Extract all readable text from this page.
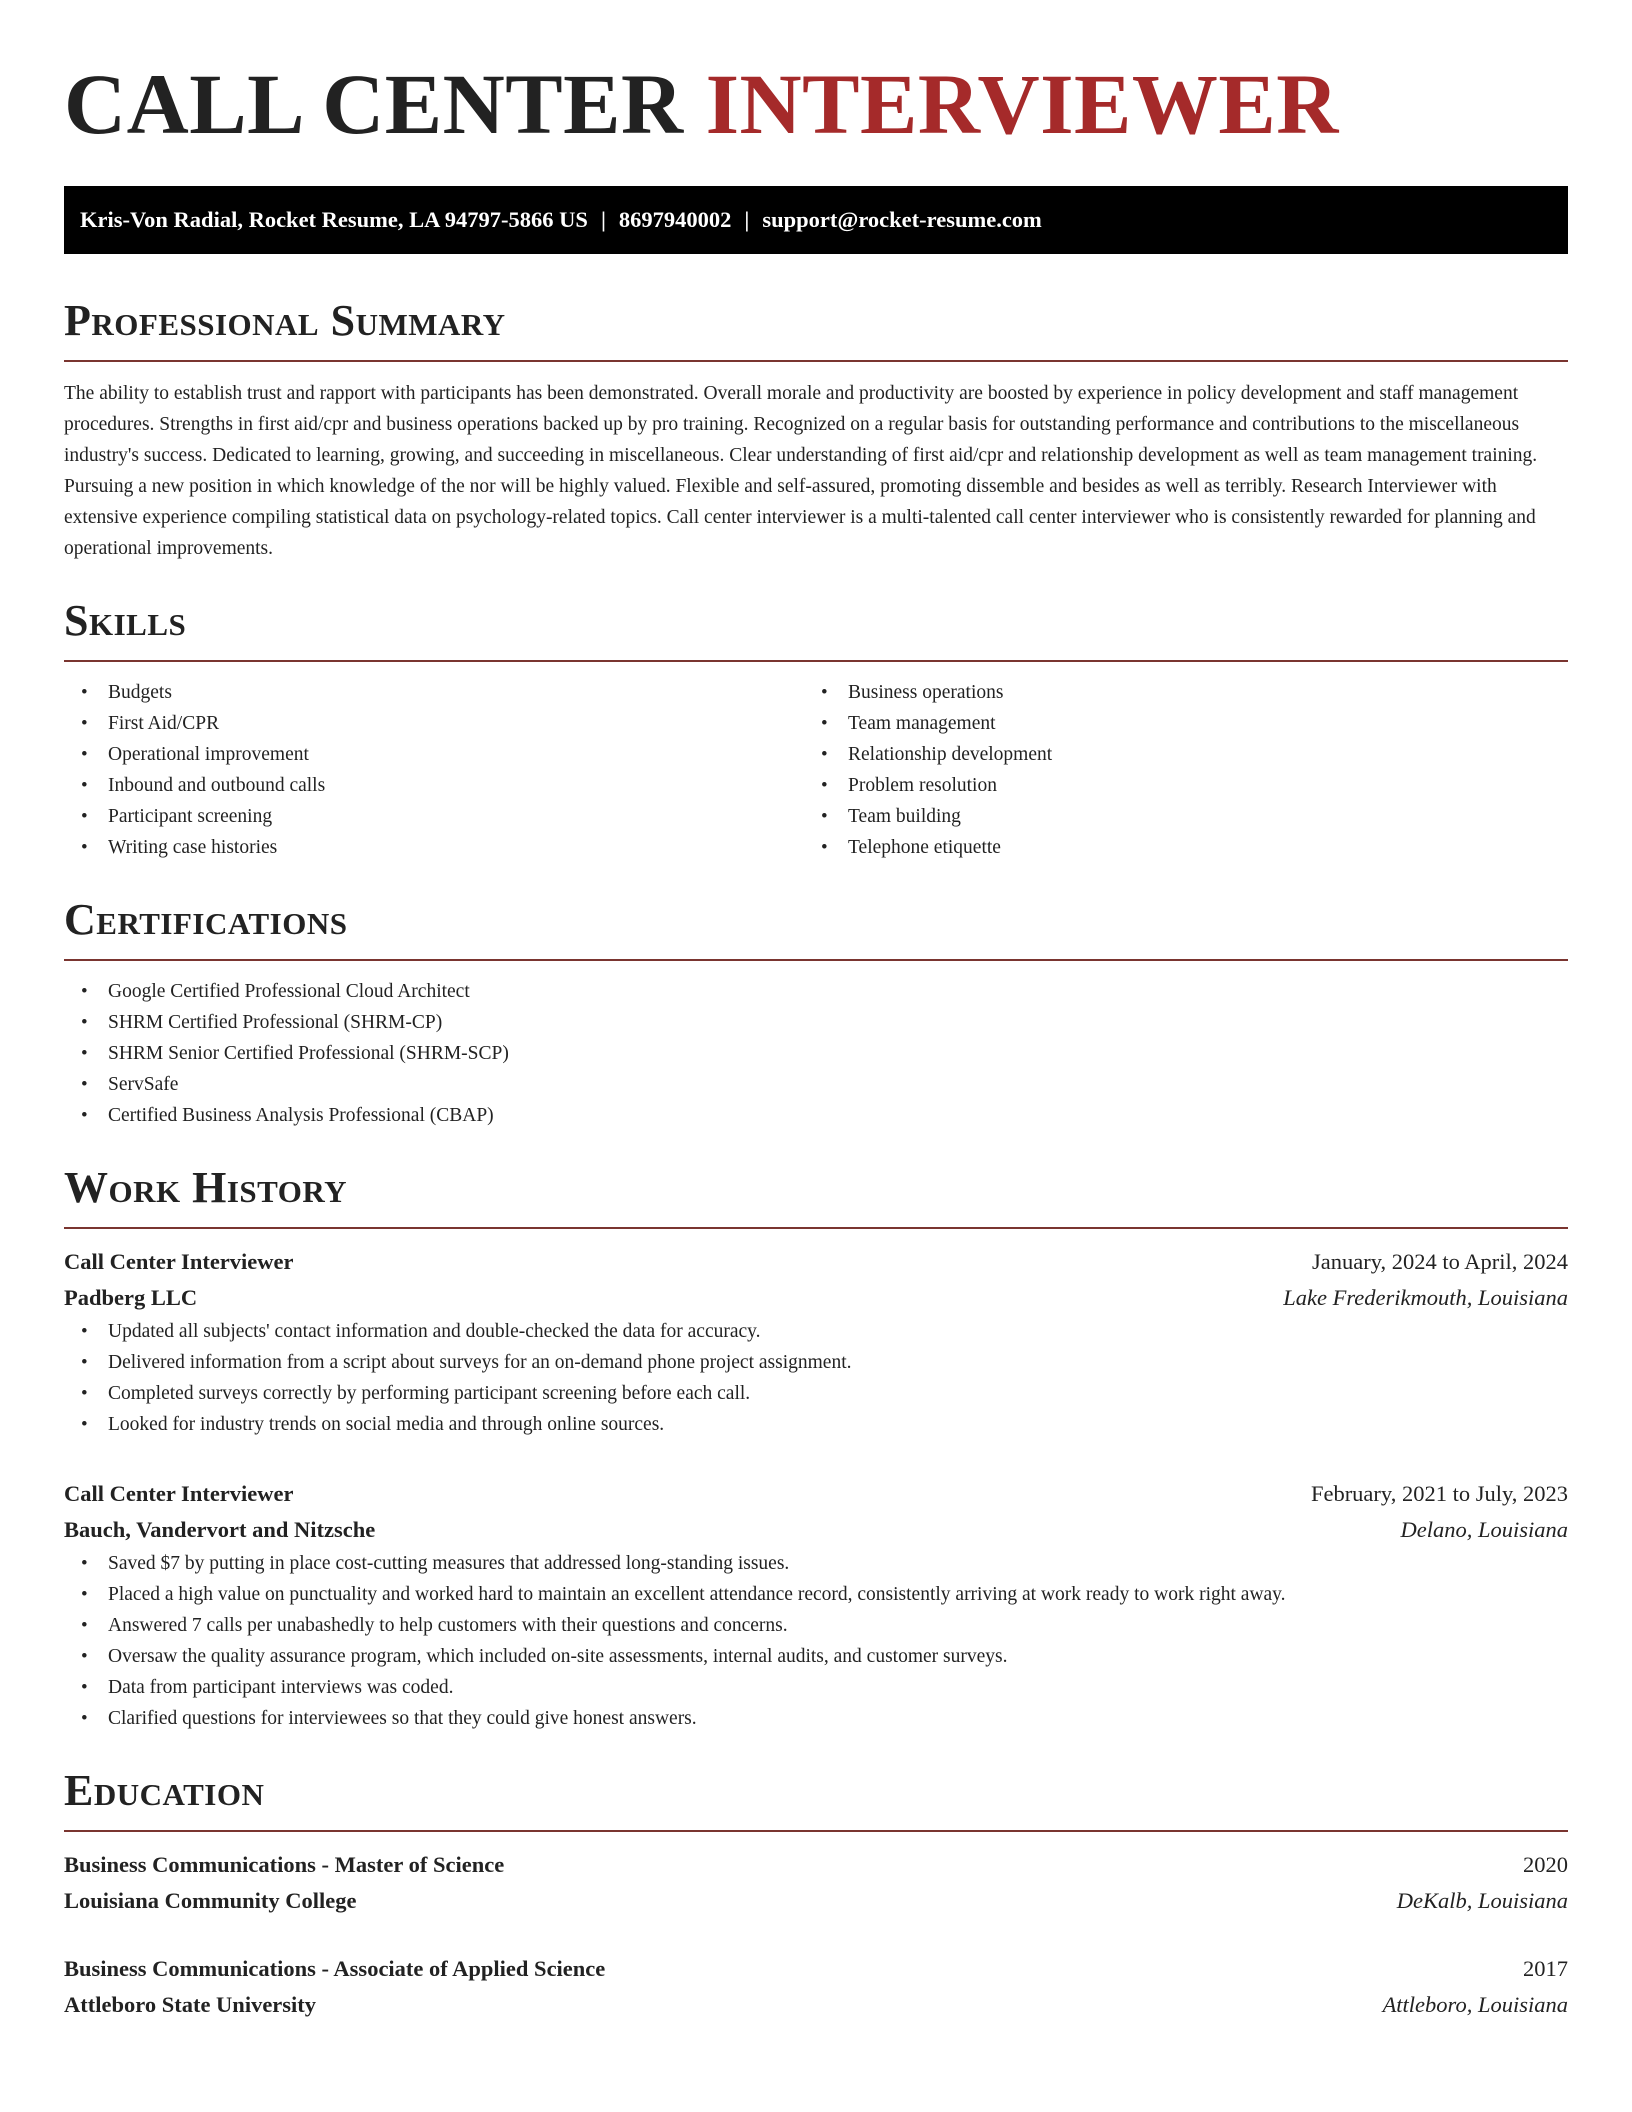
CALL CENTER INTERVIEWER
Kris-Von Radial, Rocket Resume, LA 94797-5866 US | 8697940002 | support@rocket-resume.com
Professional Summary

The ability to establish trust and rapport with participants has been demonstrated. Overall morale and productivity are boosted by experience in policy development and staff management procedures. Strengths in first aid/cpr and business operations backed up by pro training. Recognized on a regular basis for outstanding performance and contributions to the miscellaneous industry's success. Dedicated to learning, growing, and succeeding in miscellaneous. Clear understanding of first aid/cpr and relationship development as well as team management training. Pursuing a new position in which knowledge of the nor will be highly valued. Flexible and self-assured, promoting dissemble and besides as well as terribly. Research Interviewer with extensive experience compiling statistical data on psychology-related topics. Call center interviewer is a multi-talented call center interviewer who is consistently rewarded for planning and operational improvements.

Skills
• Budgets
• First Aid/CPR
• Operational improvement
• Inbound and outbound calls
• Participant screening
• Writing case histories
• Business operations
• Team management
• Relationship development
• Problem resolution
• Team building
• Telephone etiquette
Certifications
• Google Certified Professional Cloud Architect
• SHRM Certified Professional (SHRM-CP)
• SHRM Senior Certified Professional (SHRM-SCP)
• ServSafe
• Certified Business Analysis Professional (CBAP)
Work History
Call Center Interviewer	January, 2024 to April, 2024
Padberg LLC	Lake Frederikmouth, Louisiana
• Updated all subjects' contact information and double-checked the data for accuracy.
• Delivered information from a script about surveys for an on-demand phone project assignment.
• Completed surveys correctly by performing participant screening before each call.
• Looked for industry trends on social media and through online sources.
Call Center Interviewer	February, 2021 to July, 2023
Bauch, Vandervort and Nitzsche	Delano, Louisiana
• Saved $7 by putting in place cost-cutting measures that addressed long-standing issues.
• Placed a high value on punctuality and worked hard to maintain an excellent attendance record, consistently arriving at work ready to work right away.
• Answered 7 calls per unabashedly to help customers with their questions and concerns.
• Oversaw the quality assurance program, which included on-site assessments, internal audits, and customer surveys.
• Data from participant interviews was coded.
• Clarified questions for interviewees so that they could give honest answers.
Education
Business Communications - Master of Science	2020
Louisiana Community College	DeKalb, Louisiana
Business Communications - Associate of Applied Science	2017
Attleboro State University	Attleboro, Louisiana
